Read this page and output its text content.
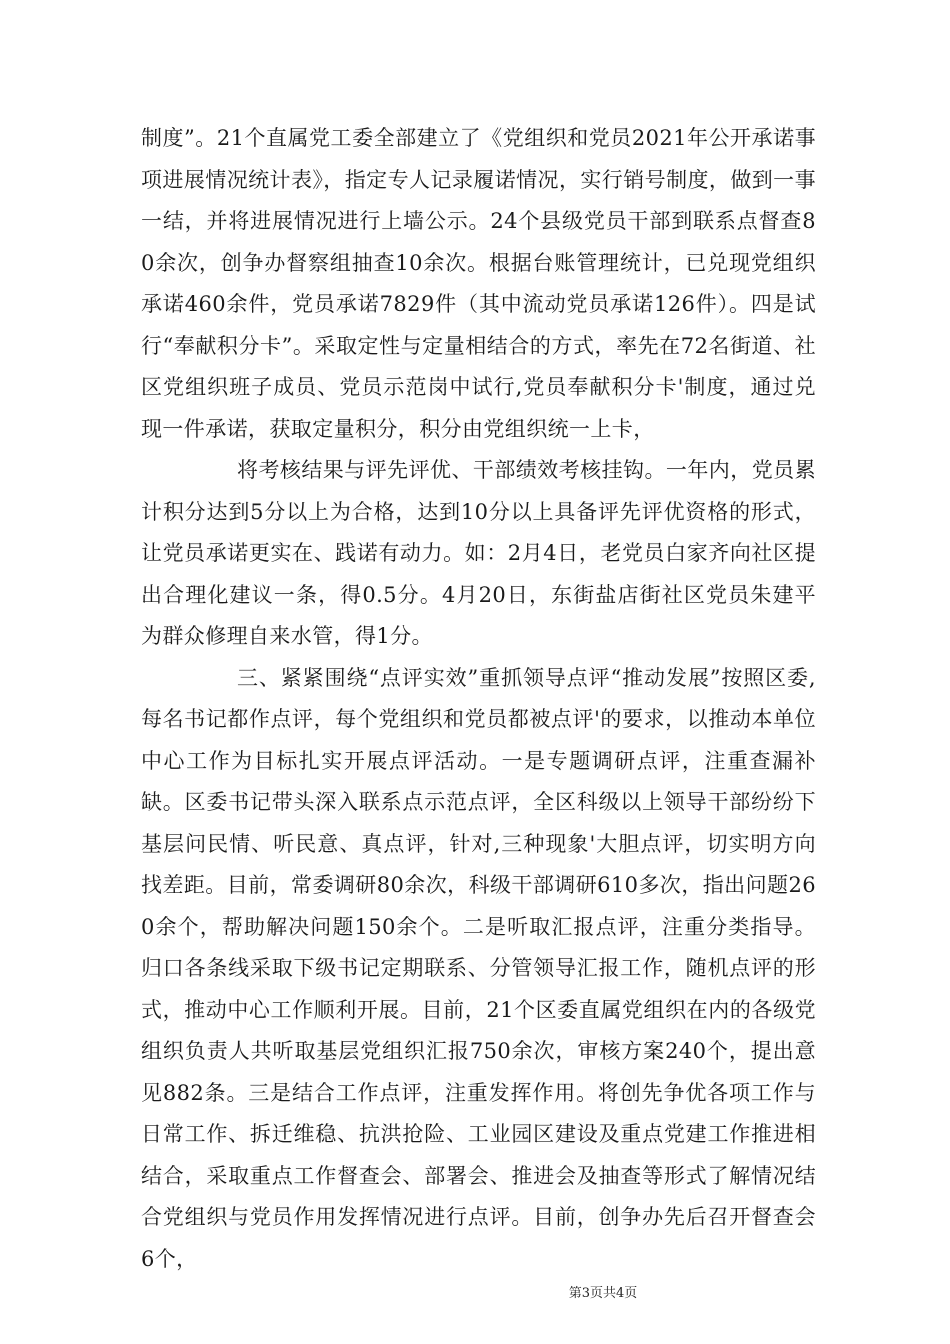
制度”。21个直属党工委全部建立了《党组织和党员2021年公开承诺事项进展情况统计表》，指定专人记录履诺情况，实行销号制度，做到一事一结，并将进展情况进行上墙公示。24个县级党员干部到联系点督查80余次，创争办督察组抽查10余次。根据台账管理统计，已兑现党组织承诺460余件，党员承诺7829件（其中流动党员承诺126件）。四是试行“奉献积分卡”。采取定性与定量相结合的方式，率先在72名街道、社区党组织班子成员、党员示范岗中试行,党员奉献积分卡'制度，通过兑现一件承诺，获取定量积分，积分由党组织统一上卡，

将考核结果与评先评优、干部绩效考核挂钩。一年内，党员累计积分达到5分以上为合格，达到10分以上具备评先评优资格的形式，让党员承诺更实在、践诺有动力。如：2月4日，老党员白家齐向社区提出合理化建议一条，得0.5分。4月20日，东街盐店街社区党员朱建平为群众修理自来水管，得1分。

三、紧紧围绕“点评实效”重抓领导点评“推动发展”按照区委,每名书记都作点评，每个党组织和党员都被点评'的要求，以推动本单位中心工作为目标扎实开展点评活动。一是专题调研点评，注重查漏补缺。区委书记带头深入联系点示范点评，全区科级以上领导干部纷纷下基层问民情、听民意、真点评，针对,三种现象'大胆点评，切实明方向找差距。目前，常委调研80余次，科级干部调研610多次，指出问题260余个，帮助解决问题150余个。二是听取汇报点评，注重分类指导。归口各条线采取下级书记定期联系、分管领导汇报工作，随机点评的形式，推动中心工作顺利开展。目前，21个区委直属党组织在内的各级党组织负责人共听取基层党组织汇报750余次，审核方案240个，提出意见882条。三是结合工作点评，注重发挥作用。将创先争优各项工作与日常工作、拆迁维稳、抗洪抢险、工业园区建设及重点党建工作推进相结合，采取重点工作督查会、部署会、推进会及抽查等形式了解情况结合党组织与党员作用发挥情况进行点评。目前，创争办先后召开督查会6个，

第3页共4页
